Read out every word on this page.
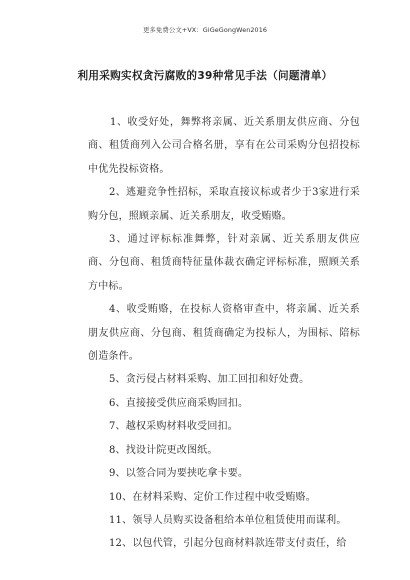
更多免费公文+VX：GiGeGongWen2016
利用采购实权贪污腐败的39种常见手法（问题清单）

1、收受好处，舞弊将亲属、近关系朋友供应商、分包商、租赁商列入公司合格名册，享有在公司采购分包招投标中优先投标资格。

2、逃避竞争性招标，采取直接议标或者少于3家进行采购分包，照顾亲属、近关系朋友，收受贿赂。

3、通过评标标准舞弊，针对亲属、近关系朋友供应商、分包商、租赁商特征量体裁衣确定评标标准，照顾关系方中标。

4、收受贿赂，在投标人资格审查中，将亲属、近关系朋友供应商、分包商、租赁商确定为投标人，为围标、陪标创造条件。

5、贪污侵占材料采购、加工回扣和好处费。

6、直接接受供应商采购回扣。

7、越权采购材料收受回扣。

8、找设计院更改图纸。

9、以签合同为要挟吃拿卡要。

10、在材料采购、定价工作过程中收受贿赂。

11、领导人员购买设备租给本单位租赁使用而谋利。

12、以包代管，引起分包商材料款连带支付责任，给
